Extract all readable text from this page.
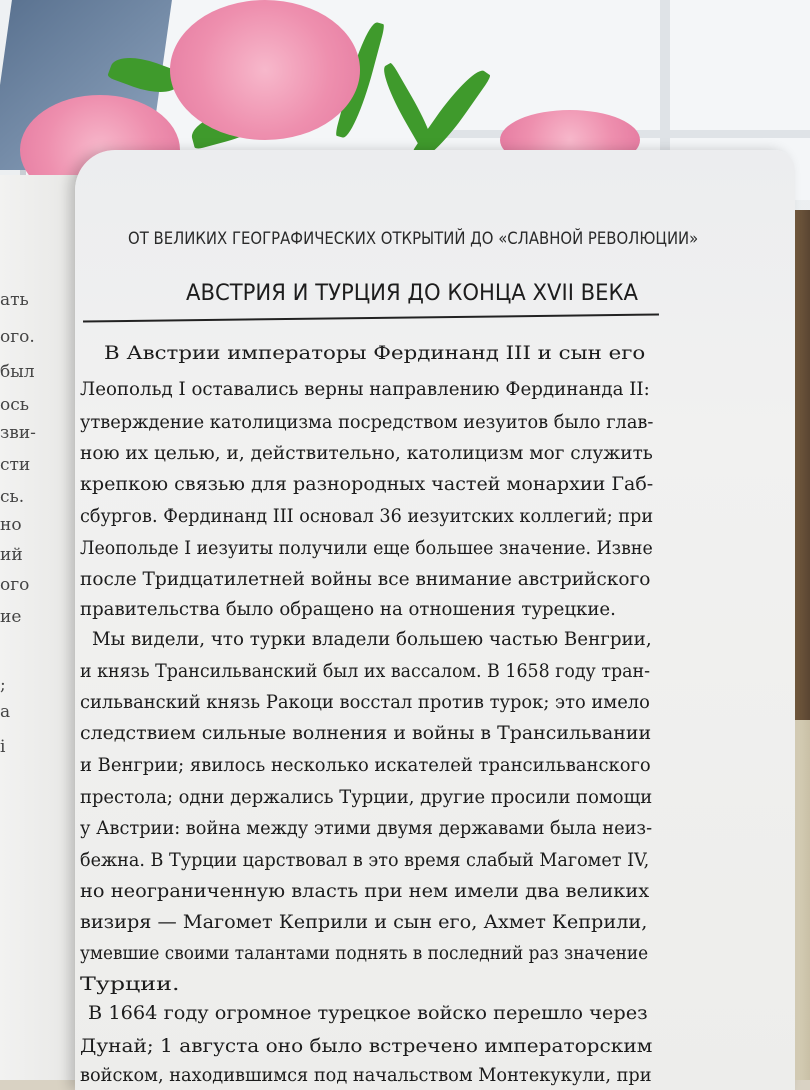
ать
ого.
был
ось
зви-
сти
сь.
но
ий
ого
ие
;
а
і
ОТ ВЕЛИКИХ ГЕОГРАФИЧЕСКИХ ОТКРЫТИЙ ДО «СЛАВНОЙ РЕВОЛЮЦИИ»
АВСТРИЯ И ТУРЦИЯ ДО КОНЦА XVII ВЕКА
В Австрии императоры Фердинанд III и сын его
Леопольд I оставались верны направлению Фердинанда II:
утверждение католицизма посредством иезуитов было глав-
ною их целью, и, действительно, католицизм мог служить
крепкою связью для разнородных частей монархии Габ-
сбургов. Фердинанд III основал 36 иезуитских коллегий; при
Леопольде I иезуиты получили еще большее значение. Извне
после Тридцатилетней войны все внимание австрийского
правительства было обращено на отношения турецкие.
Мы видели, что турки владели большею частью Венгрии,
и князь Трансильванский был их вассалом. В 1658 году тран-
сильванский князь Ракоци восстал против турок; это имело
следствием сильные волнения и войны в Трансильвании
и Венгрии; явилось несколько искателей трансильванского
престола; одни держались Турции, другие просили помощи
у Австрии: война между этими двумя державами была неиз-
бежна. В Турции царствовал в это время слабый Магомет IV,
но неограниченную власть при нем имели два великих
визиря — Магомет Кеприли и сын его, Ахмет Кеприли,
умевшие своими талантами поднять в последний раз значение
Турции.
В 1664 году огромное турецкое войско перешло через
Дунай; 1 августа оно было встречено императорским
войском, находившимся под начальством Монтекукули, при
